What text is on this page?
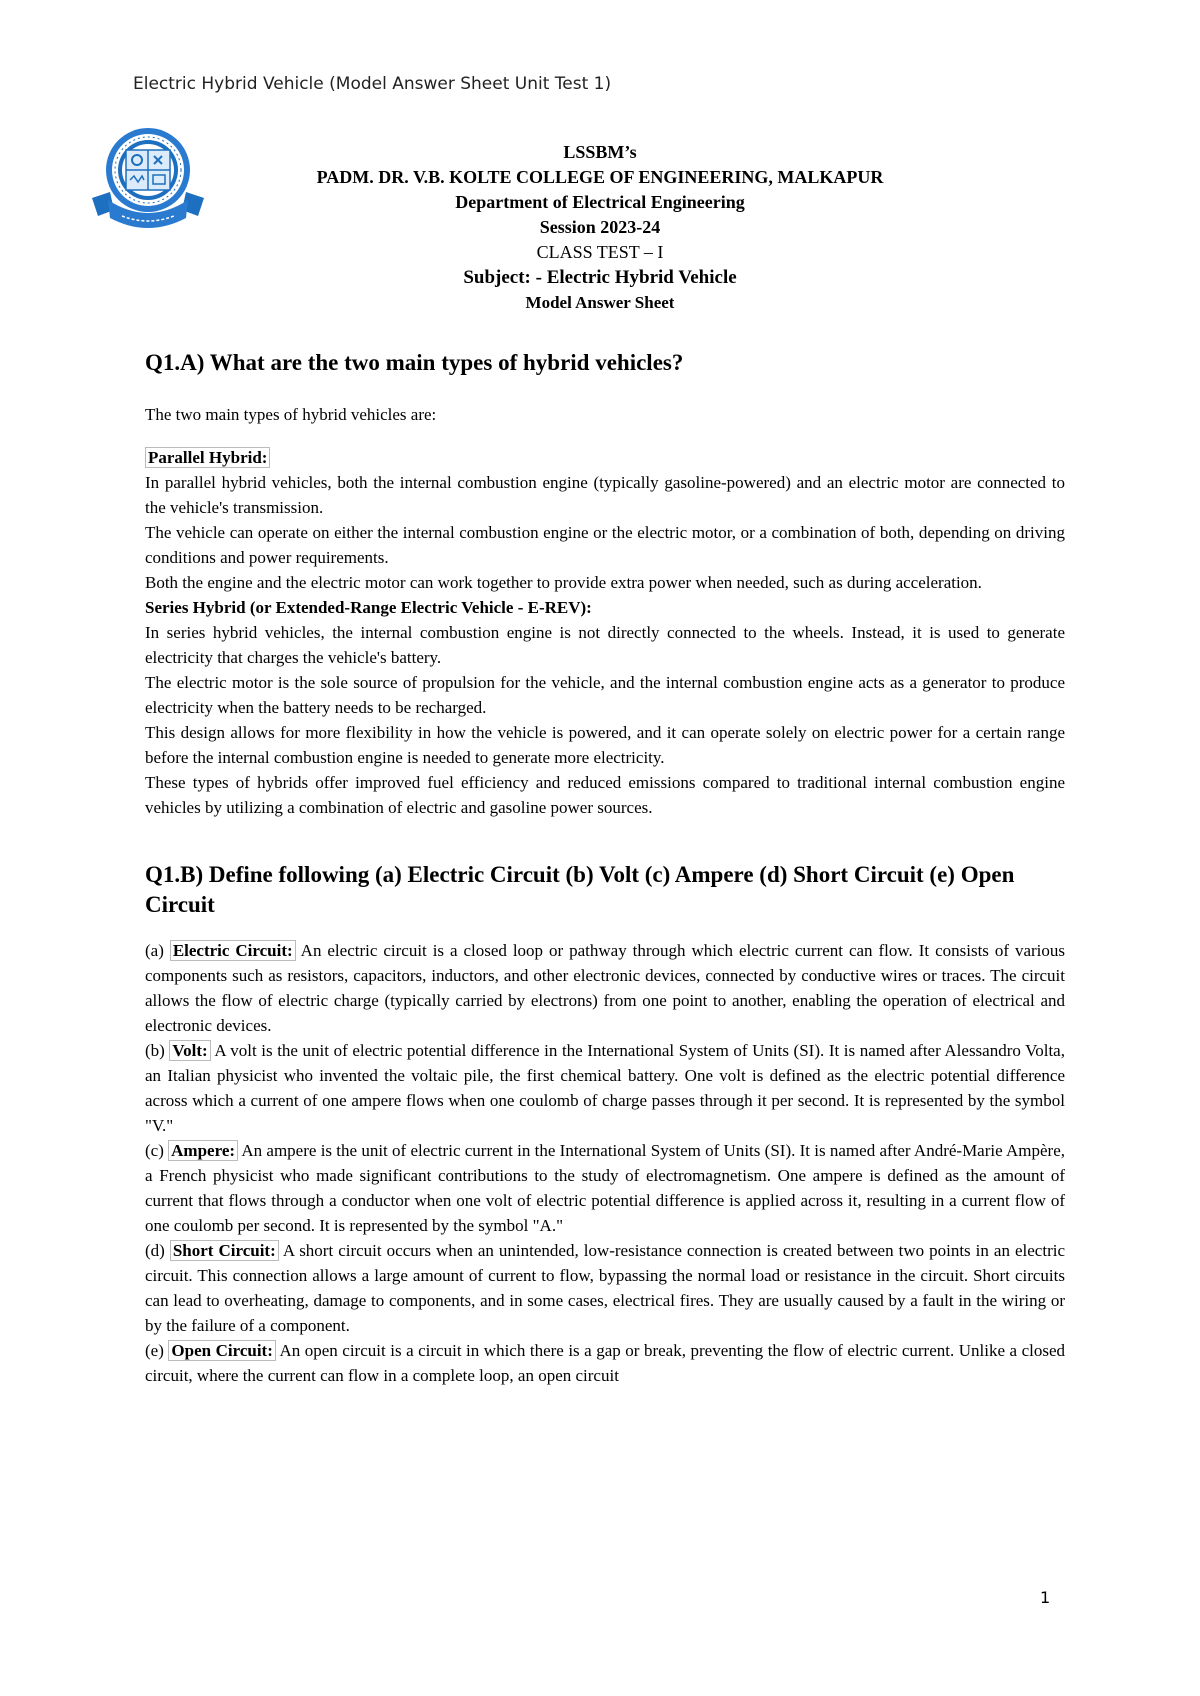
Electric Hybrid Vehicle (Model Answer Sheet Unit Test 1)
LSSBM’s
PADM. DR. V.B. KOLTE COLLEGE OF ENGINEERING, MALKAPUR
Department of Electrical Engineering
Session 2023-24
CLASS TEST – I
Subject: - Electric Hybrid Vehicle
Model Answer Sheet
Q1.A) What are the two main types of hybrid vehicles?

The two main types of hybrid vehicles are:

Parallel Hybrid:

In parallel hybrid vehicles, both the internal combustion engine (typically gasoline-powered) and an electric motor are connected to the vehicle's transmission.

The vehicle can operate on either the internal combustion engine or the electric motor, or a combination of both, depending on driving conditions and power requirements.

Both the engine and the electric motor can work together to provide extra power when needed, such as during acceleration.

Series Hybrid (or Extended-Range Electric Vehicle - E-REV):

In series hybrid vehicles, the internal combustion engine is not directly connected to the wheels. Instead, it is used to generate electricity that charges the vehicle's battery.

The electric motor is the sole source of propulsion for the vehicle, and the internal combustion engine acts as a generator to produce electricity when the battery needs to be recharged.

This design allows for more flexibility in how the vehicle is powered, and it can operate solely on electric power for a certain range before the internal combustion engine is needed to generate more electricity.

These types of hybrids offer improved fuel efficiency and reduced emissions compared to traditional internal combustion engine vehicles by utilizing a combination of electric and gasoline power sources.

Q1.B) Define following (a) Electric Circuit (b) Volt (c) Ampere (d) Short Circuit (e) Open Circuit

(a) Electric Circuit: An electric circuit is a closed loop or pathway through which electric current can flow. It consists of various components such as resistors, capacitors, inductors, and other electronic devices, connected by conductive wires or traces. The circuit allows the flow of electric charge (typically carried by electrons) from one point to another, enabling the operation of electrical and electronic devices.

(b) Volt: A volt is the unit of electric potential difference in the International System of Units (SI). It is named after Alessandro Volta, an Italian physicist who invented the voltaic pile, the first chemical battery. One volt is defined as the electric potential difference across which a current of one ampere flows when one coulomb of charge passes through it per second. It is represented by the symbol "V."

(c) Ampere: An ampere is the unit of electric current in the International System of Units (SI). It is named after André-Marie Ampère, a French physicist who made significant contributions to the study of electromagnetism. One ampere is defined as the amount of current that flows through a conductor when one volt of electric potential difference is applied across it, resulting in a current flow of one coulomb per second. It is represented by the symbol "A."

(d) Short Circuit: A short circuit occurs when an unintended, low-resistance connection is created between two points in an electric circuit. This connection allows a large amount of current to flow, bypassing the normal load or resistance in the circuit. Short circuits can lead to overheating, damage to components, and in some cases, electrical fires. They are usually caused by a fault in the wiring or by the failure of a component.

(e) Open Circuit: An open circuit is a circuit in which there is a gap or break, preventing the flow of electric current. Unlike a closed circuit, where the current can flow in a complete loop, an open circuit

1
